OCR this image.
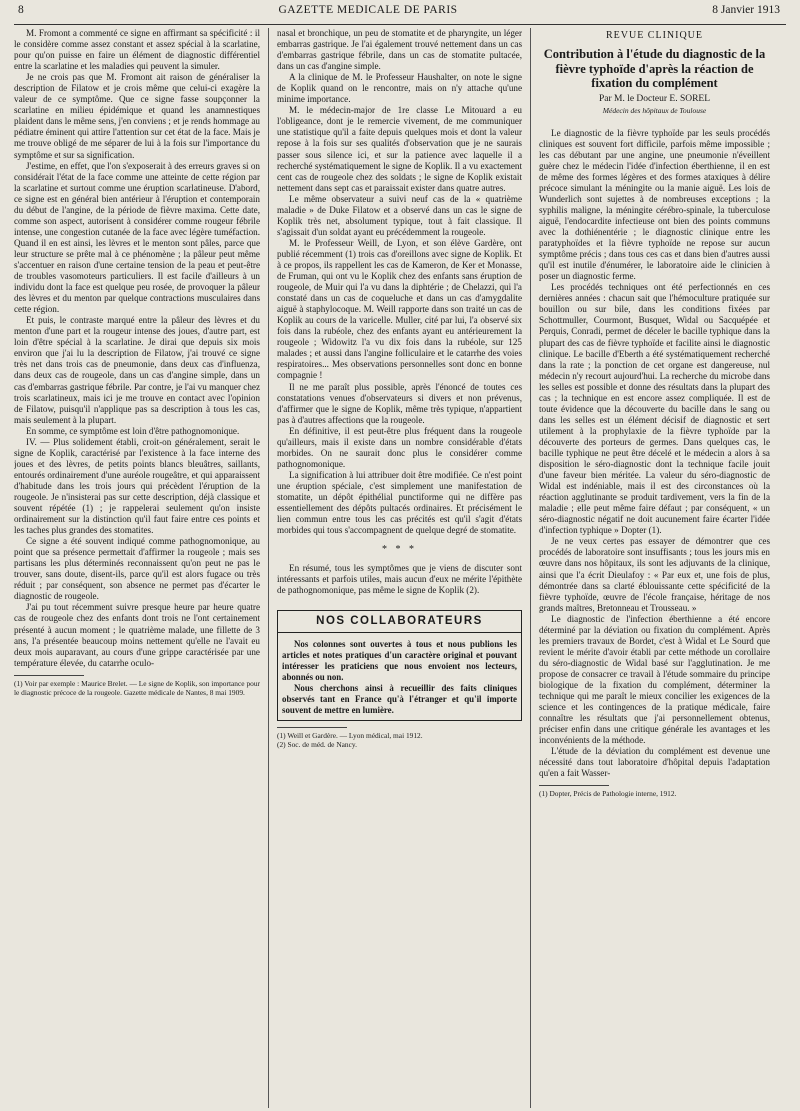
8	GAZETTE MEDICALE DE PARIS	8 Janvier 1913

M. Fromont a commenté ce signe en affirmant sa spécificité : il le considère comme assez constant et assez spécial à la scarlatine, pour qu'on puisse en faire un élément de diagnostic différentiel entre la scarlatine et les maladies qui peuvent la simuler.

Je ne crois pas que M. Fromont ait raison de généraliser la description de Filatow et je crois même que celui-ci exagère la valeur de ce symptôme. Que ce signe fasse soupçonner la scarlatine en milieu épidémique et quand les anamnestiques plaident dans le même sens, j'en conviens ; et je rends hommage au pédiatre éminent qui attire l'attention sur cet état de la face. Mais je me trouve obligé de me séparer de lui à la fois sur l'importance du symptôme et sur sa signification.

J'estime, en effet, que l'on s'exposerait à des erreurs graves si on considérait l'état de la face comme une atteinte de cette région par la scarlatine et surtout comme une éruption scarlatineuse. D'abord, ce signe est en général bien antérieur à l'éruption et contemporain du début de l'angine, de la période de fièvre maxima. Cette date, comme son aspect, autorisent à considérer comme rougeur fébrile intense, une congestion cutanée de la face avec légère tuméfaction. Quand il en est ainsi, les lèvres et le menton sont pâles, parce que leur structure se prête mal à ce phénomène ; la pâleur peut même s'accentuer en raison d'une certaine tension de la peau et peut-être de troubles vasomoteurs particuliers. Il est facile d'ailleurs à un individu dont la face est quelque peu rosée, de provoquer la pâleur des lèvres et du menton par quelque contractions musculaires dans cette région.

Et puis, le contraste marqué entre la pâleur des lèvres et du menton d'une part et la rougeur intense des joues, d'autre part, est loin d'être spécial à la scarlatine. Je dirai que depuis six mois environ que j'ai lu la description de Filatow, j'ai trouvé ce signe très net dans trois cas de pneumonie, dans deux cas d'influenza, dans deux cas de rougeole, dans un cas d'angine simple, dans un cas d'embarras gastrique fébrile. Par contre, je l'ai vu manquer chez trois scarlatineux, mais ici je me trouve en contact avec l'opinion de Filatow, puisqu'il n'applique pas sa description à tous les cas, mais seulement à la plupart.

En somme, ce symptôme est loin d'être pathognomonique.

IV. — Plus solidement établi, croit-on généralement, serait le signe de Koplik, caractérisé par l'existence à la face interne des joues et des lèvres, de petits points blancs bleuâtres, saillants, entourés ordinairement d'une auréole rougeâtre, et qui apparaissent d'habitude dans les trois jours qui précèdent l'éruption de la rougeole. Je n'insisterai pas sur cette description, déjà classique et souvent répétée (1) ; je rappelerai seulement qu'on insiste ordinairement sur la distinction qu'il faut faire entre ces points et les taches plus grandes des stomatites.

Ce signe a été souvent indiqué comme pathognomonique, au point que sa présence permettait d'affirmer la rougeole ; mais ses partisans les plus déterminés reconnaissent qu'on peut ne pas le trouver, sans doute, disent-ils, parce qu'il est alors fugace ou très réduit ; par conséquent, son absence ne permet pas d'écarter le diagnostic de rougeole.

J'ai pu tout récemment suivre presque heure par heure quatre cas de rougeole chez des enfants dont trois ne l'ont certainement présenté à aucun moment ; le quatrième malade, une fillette de 3 ans, l'a présentée beaucoup moins nettement qu'elle ne l'avait eu deux mois auparavant, au cours d'une grippe caractérisée par une température élevée, du catarrhe oculo-

(1) Voir par exemple : Maurice Brelet. — Le signe de Koplik, son importance pour le diagnostic précoce de la rougeole. Gazette médicale de Nantes, 8 mai 1909.

nasal et bronchique, un peu de stomatite et de pharyngite, un léger embarras gastrique. Je l'ai également trouvé nettement dans un cas d'embarras gastrique fébrile, dans un cas de stomatite pultacée, dans un cas d'angine simple.

A la clinique de M. le Professeur Haushalter, on note le signe de Koplik quand on le rencontre, mais on n'y attache qu'une minime importance.

M. le médecin-major de 1re classe Le Mitouard a eu l'obligeance, dont je le remercie vivement, de me communiquer une statistique qu'il a faite depuis quelques mois et dont la valeur repose à la fois sur ses qualités d'observation que je ne saurais passer sous silence ici, et sur la patience avec laquelle il a recherché systématiquement le signe de Koplik. Il a vu exactement cent cas de rougeole chez des soldats ; le signe de Koplik existait nettement dans sept cas et paraissait exister dans quatre autres.

Le même observateur a suivi neuf cas de la « quatrième maladie » de Duke Filatow et a observé dans un cas le signe de Koplik très net, absolument typique, tout à fait classique. Il s'agissait d'un soldat ayant eu précédemment la rougeole.

M. le Professeur Weill, de Lyon, et son élève Gardère, ont publié récemment (1) trois cas d'oreillons avec signe de Koplik. Et à ce propos, ils rappellent les cas de Kameron, de Ker et Monasse, de Fruman, qui ont vu le Koplik chez des enfants sans éruption de rougeole, de Muir qui l'a vu dans la diphtérie ; de Chelazzi, qui l'a constaté dans un cas de coqueluche et dans un cas d'amygdalite aiguë à staphylocoque. M. Weill rapporte dans son traité un cas de Koplik au cours de la varicelle. Muller, cité par lui, l'a observé six fois dans la rubéole, chez des enfants ayant eu antérieurement la rougeole ; Widowitz l'a vu dix fois dans la rubéole, sur 125 malades ; et aussi dans l'angine folliculaire et le catarrhe des voies respiratoires... Mes observations personnelles sont donc en bonne compagnie !

Il ne me paraît plus possible, après l'énoncé de toutes ces constatations venues d'observateurs si divers et non prévenus, d'affirmer que le signe de Koplik, même très typique, n'appartient pas à d'autres affections que la rougeole.

En définitive, il est peut-être plus fréquent dans la rougeole qu'ailleurs, mais il existe dans un nombre considérable d'états morbides. On ne saurait donc plus le considérer comme pathognomonique.

La signification à lui attribuer doit être modifiée. Ce n'est point une éruption spéciale, c'est simplement une manifestation de stomatite, un dépôt épithélial punctiforme qui ne diffère pas essentiellement des dépôts pultacés ordinaires. Et précisément le lien commun entre tous les cas précités est qu'il s'agit d'états morbides qui tous s'accompagnent de quelque degré de stomatite.

* * *

En résumé, tous les symptômes que je viens de discuter sont intéressants et parfois utiles, mais aucun d'eux ne mérite l'épithète de pathognomonique, pas même le signe de Koplik (2).

NOS COLLABORATEURS

Nos colonnes sont ouvertes à tous et nous publions les articles et notes pratiques d'un caractère original et pouvant intéresser les praticiens que nous envoient nos lecteurs, abonnés ou non.

Nous cherchons ainsi à recueillir des faits cliniques observés tant en France qu'à l'étranger et qu'il importe souvent de mettre en lumière.

(1) Weill et Gardère. — Lyon médical, mai 1912.

(2) Soc. de méd. de Nancy.

REVUE CLINIQUE
Contribution à l'étude du diagnostic de la fièvre typhoïde d'après la réaction de fixation du complément
Par M. le Docteur E. SOREL
Médecin des hôpitaux de Toulouse

Le diagnostic de la fièvre typhoïde par les seuls procédés cliniques est souvent fort difficile, parfois même impossible ; les cas débutant par une angine, une pneumonie n'éveillent guère chez le médecin l'idée d'infection éberthienne, il en est de même des formes légères et des formes ataxiques à délire précoce simulant la méningite ou la manie aiguë. Les lois de Wunderlich sont sujettes à de nombreuses exceptions ; la syphilis maligne, la méningite cérébro-spinale, la tuberculose aiguë, l'endocardite infectieuse ont bien des points communs avec la dothiénentérie ; le diagnostic clinique entre les paratyphoïdes et la fièvre typhoïde ne repose sur aucun symptôme précis ; dans tous ces cas et dans bien d'autres aussi qu'il est inutile d'énumérer, le laboratoire aide le clinicien à poser un diagnostic ferme.

Les procédés techniques ont été perfectionnés en ces dernières années : chacun sait que l'hémoculture pratiquée sur bouillon ou sur bile, dans les conditions fixées par Schottmuller, Courmont, Busquet, Widal ou Sacquépée et Perquis, Conradi, permet de déceler le bacille typhique dans la plupart des cas de fièvre typhoïde et facilite ainsi le diagnostic clinique. Le bacille d'Eberth a été systématiquement recherché dans la rate ; la ponction de cet organe est dangereuse, nul médecin n'y recourt aujourd'hui. La recherche du microbe dans les selles est possible et donne des résultats dans la plupart des cas ; la technique en est encore assez compliquée. Il est de toute évidence que la découverte du bacille dans le sang ou dans les selles est un élément décisif de diagnostic et sert utilement à la prophylaxie de la fièvre typhoïde par la découverte des porteurs de germes. Dans quelques cas, le bacille typhique ne peut être décelé et le médecin a alors à sa disposition le séro-diagnostic dont la technique facile jouit d'une faveur bien méritée. La valeur du séro-diagnostic de Widal est indéniable, mais il est des circonstances où la réaction agglutinante se produit tardivement, vers la fin de la maladie ; elle peut même faire défaut ; par conséquent, « un séro-diagnostic négatif ne doit aucunement faire écarter l'idée d'infection typhique » Dopter (1).

Je ne veux certes pas essayer de démontrer que ces procédés de laboratoire sont insuffisants ; tous les jours mis en œuvre dans nos hôpitaux, ils sont les adjuvants de la clinique, ainsi que l'a écrit Dieulafoy : « Par eux et, une fois de plus, démontrée dans sa clarté éblouissante cette spécificité de la fièvre typhoïde, œuvre de l'école française, héritage de nos grands maîtres, Bretonneau et Trousseau. »

Le diagnostic de l'infection éberthienne a été encore déterminé par la déviation ou fixation du complément. Après les premiers travaux de Bordet, c'est à Widal et Le Sourd que revient le mérite d'avoir établi par cette méthode un corollaire du séro-diagnostic de Widal basé sur l'agglutination. Je me propose de consacrer ce travail à l'étude sommaire du principe biologique de la fixation du complément, déterminer la technique qui me paraît le mieux concilier les exigences de la science et les contingences de la pratique médicale, faire connaître les résultats que j'ai personnellement obtenus, préciser enfin dans une critique générale les avantages et les inconvénients de la méthode.

L'étude de la déviation du complément est devenue une nécessité dans tout laboratoire d'hôpital depuis l'adaptation qu'en a fait Wasser-

(1) Dopter, Précis de Pathologie interne, 1912.
